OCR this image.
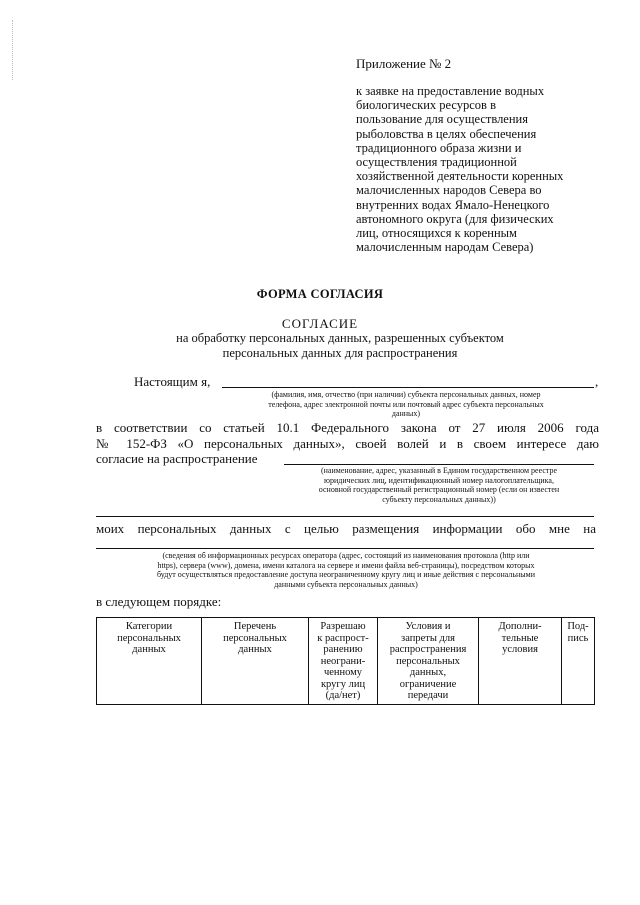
Приложение № 2
к заявке на предоставление водных
биологических ресурсов в
пользование для осуществления
рыболовства в целях обеспечения
традиционного образа жизни и
осуществления традиционной
хозяйственной деятельности коренных
малочисленных народов Севера во
внутренних водах Ямало-Ненецкого
автономного округа (для физических
лиц, относящихся к коренным
малочисленным народам Севера)
ФОРМА СОГЛАСИЯ
СОГЛАСИЕ
на обработку персональных данных, разрешенных субъектом
персональных данных для распространения
Настоящим я,	,
(фамилия, имя, отчество (при наличии) субъекта персональных данных, номер
телефона, адрес электронной почты или почтовый адрес субъекта персональных
данных)
в соответствии со статьей 10.1 Федерального закона от 27 июля 2006 года
№ 152-ФЗ «О персональных данных», своей волей и в своем интересе даю
согласие на распространение
(наименование, адрес, указанный в Едином государственном реестре
юридических лиц, идентификационный номер налогоплательщика,
основной государственный регистрационный номер (если он известен
субъекту персональных данных))
моих персональных данных с целью размещения информации обо мне на
(сведения об информационных ресурсах оператора (адрес, состоящий из наименования протокола (http или
https), сервера (www), домена, имени каталога на сервере и имени файла веб-страницы), посредством которых
будут осуществляться предоставление доступа неограниченному кругу лиц и иные действия с персональными
данными субъекта персональных данных)
в следующем порядке:
Категории
персональных
данных

Перечень
персональных
данных

Разрешаю
к распрост-
ранению
неограни-
ченному
кругу лиц
(да/нет)

Условия и
запреты для
распространения
персональных
данных,
ограничение
передачи

Дополни-
тельные
условия

Под-
пись
